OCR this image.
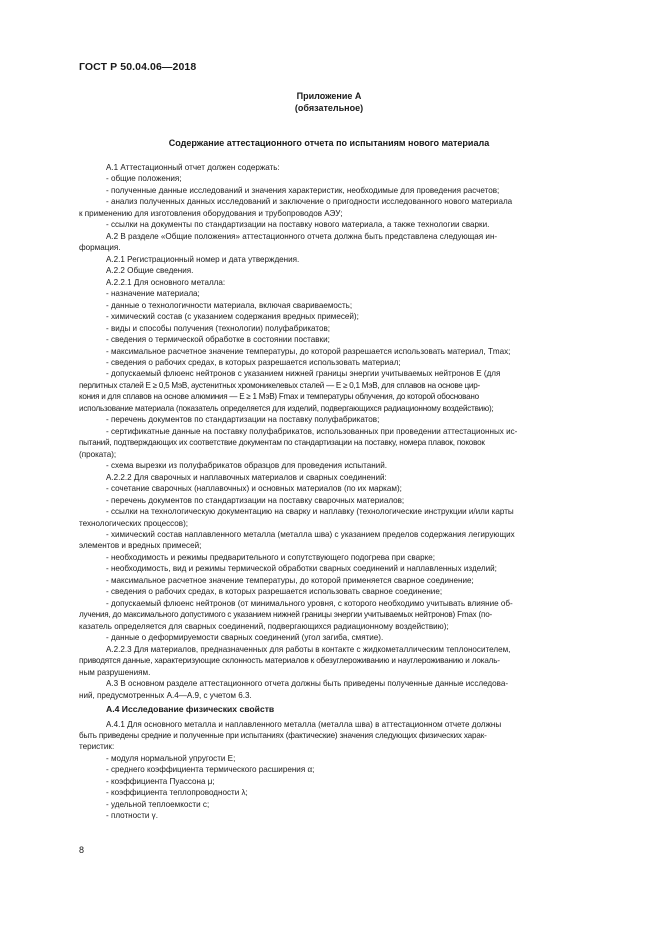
ГОСТ Р 50.04.06—2018
Приложение А
(обязательное)
Содержание аттестационного отчета по испытаниям нового материала
А.1 Аттестационный отчет должен содержать:
- общие положения;
- полученные данные исследований и значения характеристик, необходимые для проведения расчетов;
- анализ полученных данных исследований и заключение о пригодности исследованного нового материала
к применению для изготовления оборудования и трубопроводов АЭУ;
- ссылки на документы по стандартизации на поставку нового материала, а также технологии сварки.
А.2 В разделе «Общие положения» аттестационного отчета должна быть представлена следующая ин-
формация.
А.2.1 Регистрационный номер и дата утверждения.
А.2.2 Общие сведения.
А.2.2.1 Для основного металла:
- назначение материала;
- данные о технологичности материала, включая свариваемость;
- химический состав (с указанием содержания вредных примесей);
- виды и способы получения (технологии) полуфабрикатов;
- сведения о термической обработке в состоянии поставки;
- максимальное расчетное значение температуры, до которой разрешается использовать материал, Tmax;
- сведения о рабочих средах, в которых разрешается использовать материал;
- допускаемый флюенс нейтронов с указанием нижней границы энергии учитываемых нейтронов E (для
перлитных сталей E ≥ 0,5 МэВ, аустенитных хромоникелевых сталей — E ≥ 0,1 МэВ, для сплавов на основе цир-
кония и для сплавов на основе алюминия — E ≥ 1 МэВ) Fmax и температуры облучения, до которой обосновано
использование материала (показатель определяется для изделий, подвергающихся радиационному воздействию);
- перечень документов по стандартизации на поставку полуфабрикатов;
- сертификатные данные на поставку полуфабрикатов, использованных при проведении аттестационных ис-
пытаний, подтверждающих их соответствие документам по стандартизации на поставку, номера плавок, поковок
(проката);
- схема вырезки из полуфабрикатов образцов для проведения испытаний.
А.2.2.2 Для сварочных и наплавочных материалов и сварных соединений:
- сочетание сварочных (наплавочных) и основных материалов (по их маркам);
- перечень документов по стандартизации на поставку сварочных материалов;
- ссылки на технологическую документацию на сварку и наплавку (технологические инструкции и/или карты
технологических процессов);
- химический состав наплавленного металла (металла шва) с указанием пределов содержания легирующих
элементов и вредных примесей;
- необходимость и режимы предварительного и сопутствующего подогрева при сварке;
- необходимость, вид и режимы термической обработки сварных соединений и наплавленных изделий;
- максимальное расчетное значение температуры, до которой применяется сварное соединение;
- сведения о рабочих средах, в которых разрешается использовать сварное соединение;
- допускаемый флюенс нейтронов (от минимального уровня, с которого необходимо учитывать влияние об-
лучения, до максимального допустимого с указанием нижней границы энергии учитываемых нейтронов) Fmax (по-
казатель определяется для сварных соединений, подвергающихся радиационному воздействию);
- данные о деформируемости сварных соединений (угол загиба, смятие).
А.2.2.3 Для материалов, предназначенных для работы в контакте с жидкометаллическим теплоносителем,
приводятся данные, характеризующие склонность материалов к обезуглероживанию и науглероживанию и локаль-
ным разрушениям.
А.3 В основном разделе аттестационного отчета должны быть приведены полученные данные исследова-
ний, предусмотренных А.4—А.9, с учетом 6.3.
А.4 Исследование физических свойств
А.4.1 Для основного металла и наплавленного металла (металла шва) в аттестационном отчете должны
быть приведены средние и полученные при испытаниях (фактические) значения следующих физических харак-
теристик:
- модуля нормальной упругости E;
- среднего коэффициента термического расширения α;
- коэффициента Пуассона μ;
- коэффициента теплопроводности λ;
- удельной теплоемкости c;
- плотности γ.
8
